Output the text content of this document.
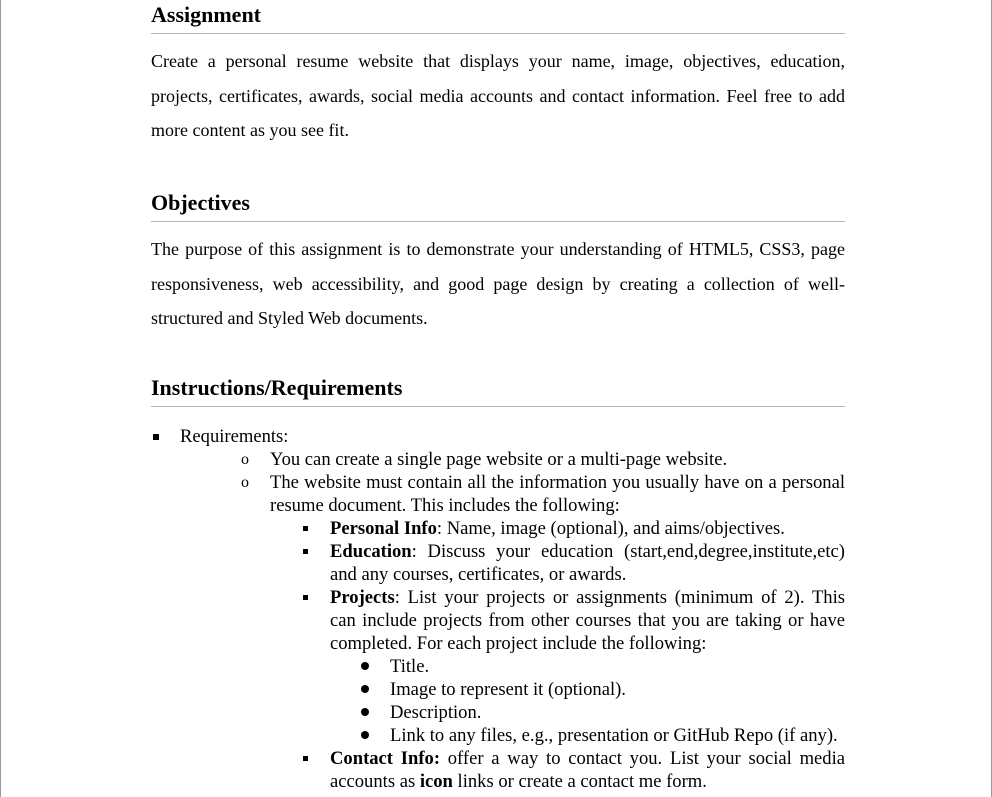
Assignment
Create a personal resume website that displays your name, image, objectives, education, projects, certificates, awards, social media accounts and contact information. Feel free to add more content as you see fit.
Objectives
The purpose of this assignment is to demonstrate your understanding of HTML5, CSS3, page responsiveness, web accessibility, and good page design by creating a collection of well-structured and Styled Web documents.
Instructions/Requirements
Requirements:
o You can create a single page website or a multi-page website.
o The website must contain all the information you usually have on a personal resume document. This includes the following:
Personal Info: Name, image (optional), and aims/objectives.
Education: Discuss your education (start,end,degree,institute,etc) and any courses, certificates, or awards.
Projects: List your projects or assignments (minimum of 2). This can include projects from other courses that you are taking or have completed. For each project include the following:
Title.
Image to represent it (optional).
Description.
Link to any files, e.g., presentation or GitHub Repo (if any).
Contact Info: offer a way to contact you. List your social media accounts as icon links or create a contact me form.
